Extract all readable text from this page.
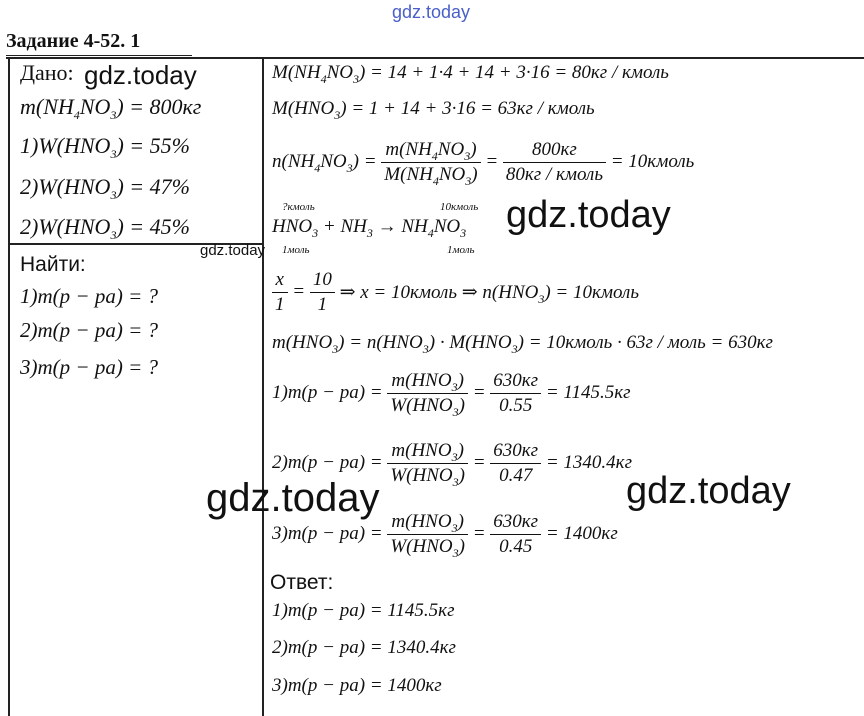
gdz.today
Задание 4-52. 1
Дано: gdz.today
$m(NH_4NO_3) = 800кг$
$1)W(HNO_3) = 55\%$
$2)W(HNO_3) = 47\%$
$2)W(HNO_3) = 45\%$
Найти:
1)m(p − pa) = ?
2)m(p − pa) = ?
3)m(p − pa) = ?
$M(NH_4NO_3) = 14 + 1\cdot 4 + 14 + 3\cdot 16 = 80кг$ / кмоль
$M(HNO_3) = 1 + 14 + 3\cdot 16 = 63кг$ / кмоль
$n(NH_4NO_3) = \frac{m(NH_4NO_3)}{M(NH_4NO_3)} = \frac{800кг}{\text{80кг / кмоль}}$
= 10кмоль
?кмоль	10кмоль
$HNO_3 + NH_3 \to NH_4NO_3$
1моль	1моль
gdz.today
gdz.today
$\frac{x}{1} = \frac{10}{1}$ ⇒ x = 10кмоль ⇒ $n(HNO_3)$ = 10кмоль
$m(HNO_3) = n(HNO_3) \cdot M(HNO_3)$ = 10кмоль · 63г / моль = 630кг
1)m(p − pa) =
$\frac{m(HNO_3)}{W(HNO_3)} = \frac{630кг}{0.55}$
= 1145.5кг
2)m(p − pa) =
$\frac{m(HNO_3)}{W(HNO_3)} = \frac{630кг}{0.47}$
= 1340.4кг
3)m(p − pa) =
$\frac{m(HNO_3)}{W(HNO_3)} = \frac{630кг}{0.45}$
= 1400кг
gdz.today	gdz.today
Ответ:
1)m(p − pa) = 1145.5кг
2)m(p − pa) = 1340.4кг
3)m(p − pa) = 1400кг
